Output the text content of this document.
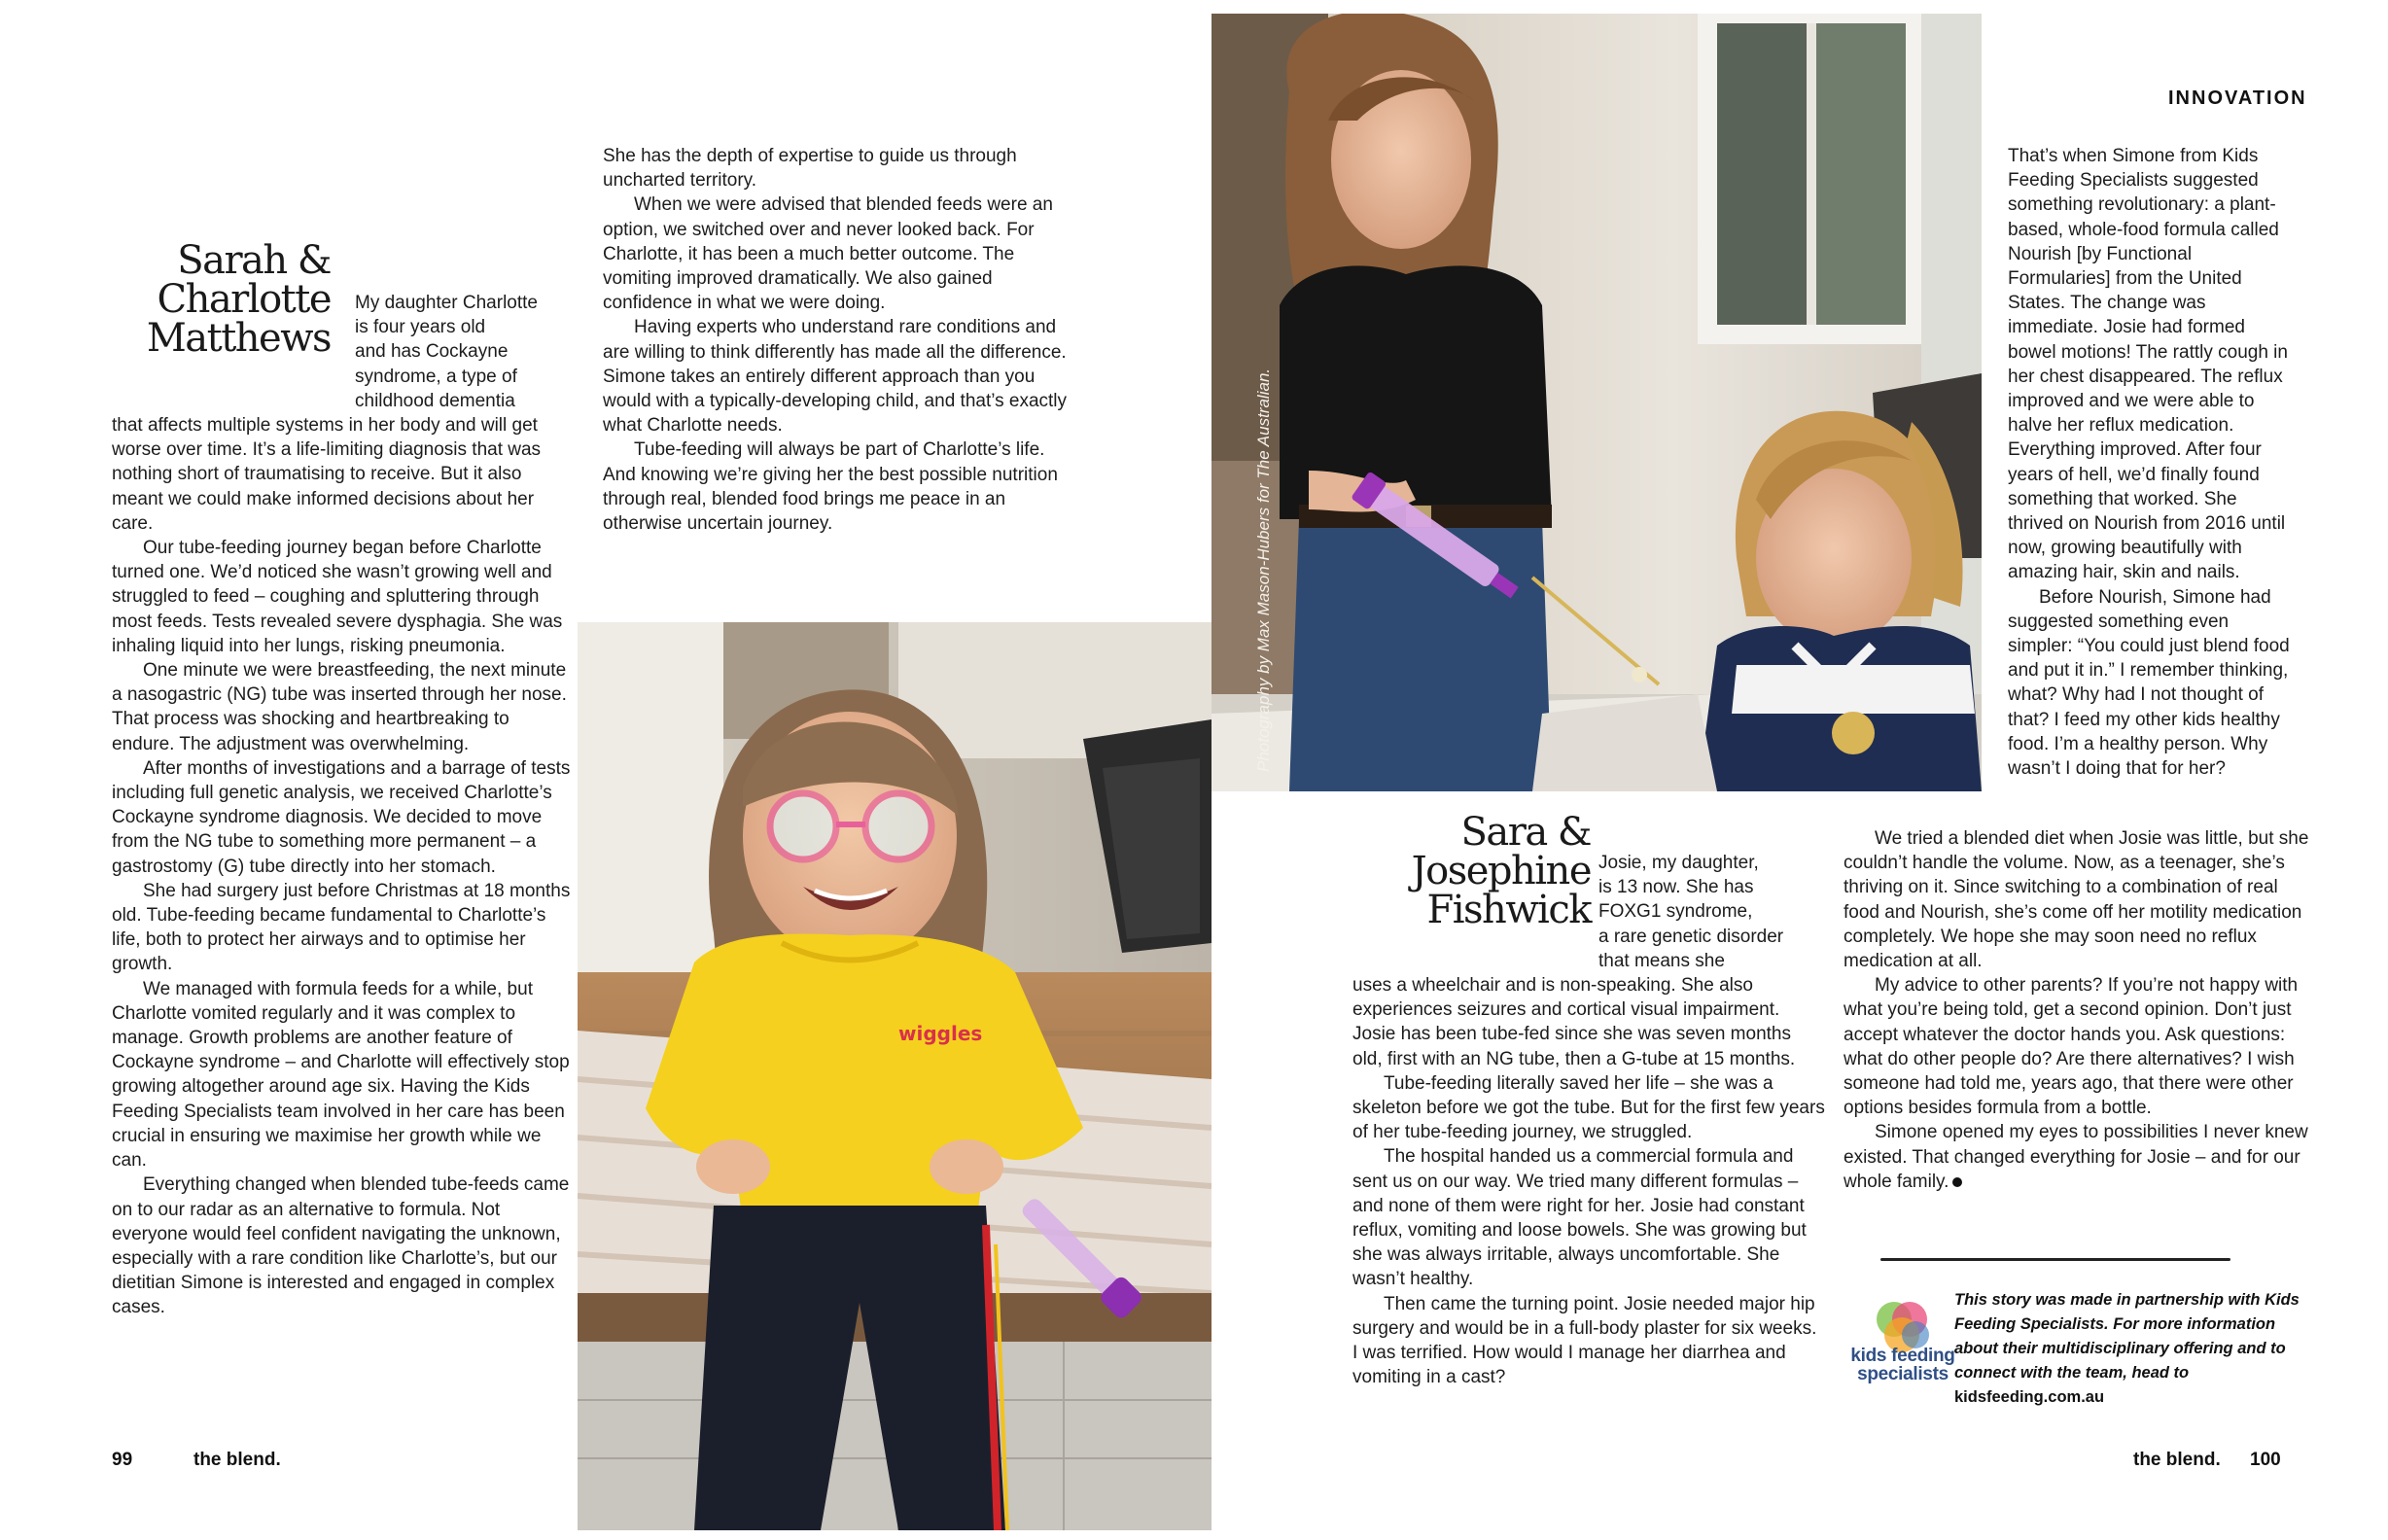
Sarah &
Charlotte
Matthews

My daughter Charlotte

is four years old

and has Cockayne

syndrome, a type of

childhood dementia

that affects multiple systems in her body and will get worse over time. It’s a life-limiting diagnosis that was nothing short of traumatising to receive. But it also meant we could make informed decisions about her care.

Our tube-feeding journey began before Charlotte turned one. We’d noticed she wasn’t growing well and struggled to feed – coughing and spluttering through most feeds. Tests revealed severe dysphagia. She was inhaling liquid into her lungs, risking pneumonia.

One minute we were breastfeeding, the next minute a nasogastric (NG) tube was inserted through her nose. That process was shocking and heartbreaking to endure. The adjustment was overwhelming.

After months of investigations and a barrage of tests including full genetic analysis, we received Charlotte’s Cockayne syndrome diagnosis. We decided to move from the NG tube to something more permanent – a gastrostomy (G) tube directly into her stomach.

She had surgery just before Christmas at 18 months old. Tube-feeding became fundamental to Charlotte’s life, both to protect her airways and to optimise her growth.

We managed with formula feeds for a while, but Charlotte vomited regularly and it was complex to manage. Growth problems are another feature of Cockayne syndrome – and Charlotte will effectively stop growing altogether around age six. Having the Kids Feeding Specialists team involved in her care has been crucial in ensuring we maximise her growth while we can.

Everything changed when blended tube-feeds came on to our radar as an alternative to formula. Not everyone would feel confident navigating the unknown, especially with a rare condition like Charlotte’s, but our dietitian Simone is interested and engaged in complex cases.

She has the depth of expertise to guide us through uncharted territory.

When we were advised that blended feeds were an option, we switched over and never looked back. For Charlotte, it has been a much better outcome. The vomiting improved dramatically. We also gained confidence in what we were doing.

Having experts who understand rare conditions and are willing to think differently has made all the difference. Simone takes an entirely different approach than you would with a typically-developing child, and that’s exactly what Charlotte needs.

Tube-feeding will always be part of Charlotte’s life. And knowing we’re giving her the best possible nutrition through real, blended food brings me peace in an otherwise uncertain journey.

wiggles
99	the blend.
Photography by Max Mason-Hubers for The Australian.
INNOVATION

That’s when Simone from Kids Feeding Specialists suggested something revolutionary: a plant-based, whole-food formula called Nourish [by Functional Formularies] from the United States. The change was immediate. Josie had formed bowel motions! The rattly cough in her chest disappeared. The reflux improved and we were able to halve her reflux medication. Everything improved. After four years of hell, we’d finally found something that worked. She thrived on Nourish from 2016 until now, growing beautifully with amazing hair, skin and nails.

Before Nourish, Simone had suggested something even simpler: “You could just blend food and put it in.” I remember thinking, what? Why had I not thought of that? I feed my other kids healthy food. I’m a healthy person. Why wasn’t I doing that for her?

Sara &
Josephine
Fishwick

Josie, my daughter,

is 13 now. She has

FOXG1 syndrome,

a rare genetic disorder

that means she

uses a wheelchair and is non-speaking. She also experiences seizures and cortical visual impairment. Josie has been tube-fed since she was seven months old, first with an NG tube, then a G-tube at 15 months.

Tube-feeding literally saved her life – she was a skeleton before we got the tube. But for the first few years of her tube-feeding journey, we struggled.

The hospital handed us a commercial formula and sent us on our way. We tried many different formulas – and none of them were right for her. Josie had constant reflux, vomiting and loose bowels. She was growing but she was always irritable, always uncomfortable. She wasn’t healthy.

Then came the turning point. Josie needed major hip surgery and would be in a full-body plaster for six weeks. I was terrified. How would I manage her diarrhea and vomiting in a cast?

We tried a blended diet when Josie was little, but she couldn’t handle the volume. Now, as a teenager, she’s thriving on it. Since switching to a combination of real food and Nourish, she’s come off her motility medication completely. We hope she may soon need no reflux medication at all.

My advice to other parents? If you’re not happy with what you’re being told, get a second opinion. Don’t just accept whatever the doctor hands you. Ask questions: what do other people do? Are there alternatives? I wish someone had told me, years ago, that there were other options besides formula from a bottle.

Simone opened my eyes to possibilities I never knew existed. That changed everything for Josie – and for our whole family.

kids feeding
specialists
This story was made in partnership with Kids Feeding Specialists. For more information about their multidisciplinary offering and to connect with the team, head to kidsfeeding.com.au
the blend. 100
